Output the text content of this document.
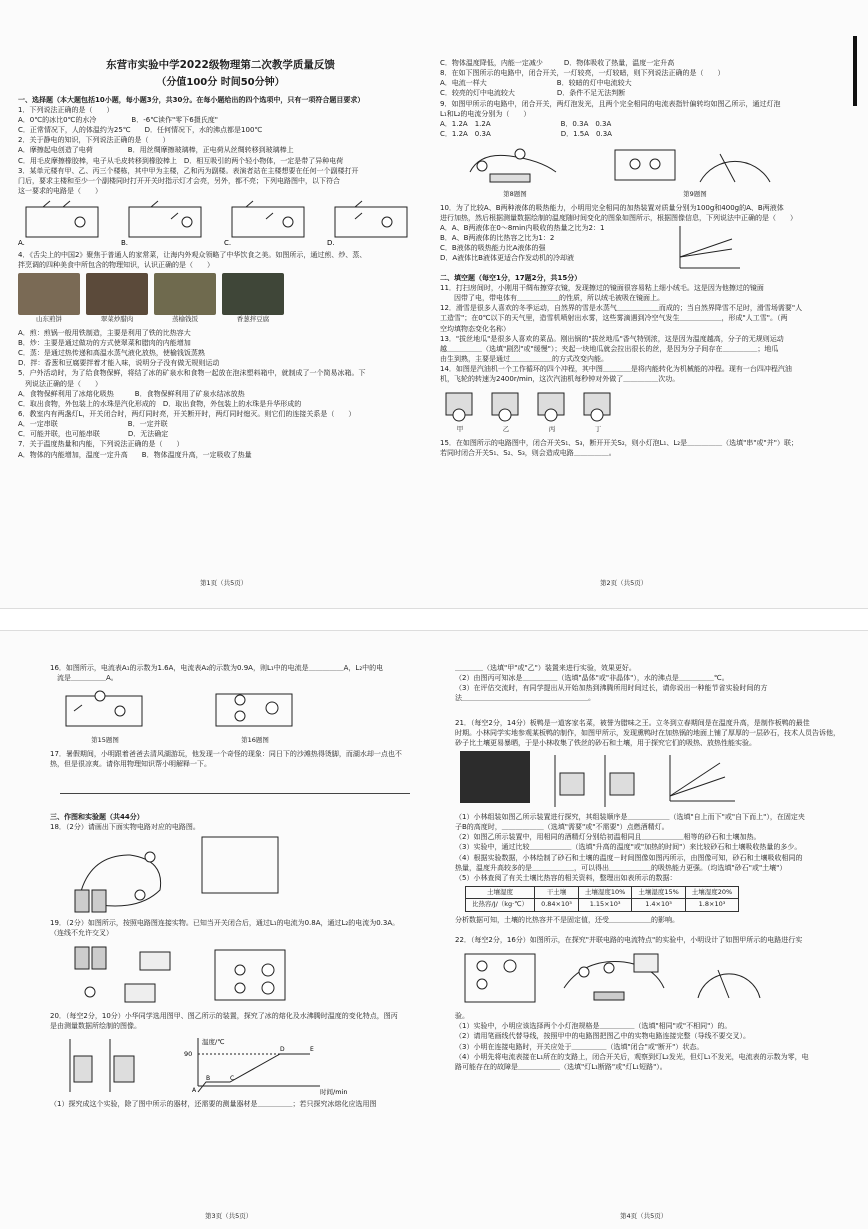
东营市实验中学2022级物理第二次教学质量反馈

（分值100分 时间50分钟）

一、选择题（本大题包括10小题，每小题3分，共30分。在每小题给出的四个选项中，只有一项符合题目要求）

1．下列说法正确的是（　　）

A．0℃的冰比0℃的水冷　　　　　B．-6℃读作"零下6摄氏度"

C．正常情况下，人的体温约为25℃　　D．任何情况下，水的沸点都是100℃

2．关于静电的知识，下列说法正确的是（　　）

A．摩擦起电创造了电荷　　　　　B．用丝绸摩擦玻璃棒，正电荷从丝绸转移到玻璃棒上

C．用毛皮摩擦橡胶棒，电子从毛皮转移到橡胶棒上　D．相互吸引的两个轻小物体，一定是带了异种电荷

3．某单元楼有甲、乙、丙三个楼栋，其中甲为主楼，乙和丙为副楼。表演者站在主楼想要在任何一个副楼打开

门后，要求主楼和至少一个副楼同时打开开关时指示灯才会亮，另外，都不亮；下列电路图中，以下符合

这一要求的电路是（　　）

A.	B.	C.	D.

4．《舌尖上的中国2》聚焦于普通人的家常菜，让海内外观众领略了中华饮食之美。如图所示，通过煎、炒、蒸、

拌烹调的四种美食中所包含的物理知识，认识正确的是（　　）

山东煎饼	翠菜炒腊肉	蒸榆钱饭	香葱拌豆腐

A．煎：煎锅一般用铁制造，主要是利用了铁的比热容大

B．炒：主要是通过做功的方式使翠菜和腊肉的内能增加

C．蒸：是通过热传递和高温水蒸气液化放热，使榆钱饭蒸熟

D．拌：香葱和豆腐要拌着才能入味，说明分子没有做无规则运动

5．户外活动时，为了给食物保鲜，将结了冰的矿泉水和食物一起放在泡沫塑料箱中，就制成了一个简易冰箱。下

　列说法正确的是（　　）

A．食物保鲜利用了冰熔化吸热　　　B．食物保鲜利用了矿泉水结冰放热

C．取出食物，外包装上的水珠是汽化形成的　D．取出食物，外包装上的水珠是升华形成的

6．教室内有两盏灯L，开关闭合时，两灯同时亮，开关断开时，两灯同时熄灭。则它们的连接关系是（　　）

A．一定串联　　　　　　　　　　B．一定并联

C．可能并联，也可能串联　　　　D．无法确定

7．关于温度热量和内能，下列说法正确的是（　　）

A．物体的内能增加，温度一定升高　　B．物体温度升高，一定吸收了热量

第1页（共5页）

C．物体温度降低，内能一定减少　　　D．物体吸收了热量，温度一定升高

8．在如下图所示的电路中，闭合开关，一灯较亮，一灯较暗，则下列说法正确的是（　　）

A．电流一样大　　　　　　　　　　B．较暗的灯中电流较大

C．较亮的灯中电流较大　　　　　　D．条件不足无法判断

9．如图甲所示的电路中，闭合开关，两灯泡发光，且两个完全相同的电流表指针偏转均如图乙所示，通过灯泡

L₁和L₂的电流分别为（　　）

A．1.2A　1.2A　　　　　　　　　　B．0.3A　0.3A

C．1.2A　0.3A　　　　　　　　　　D．1.5A　0.3A

第8题图	第9题图

10．为了比较A、B两种液体的吸热能力，小明用完全相同的加热装置对质量分别为100g和400g的A、B两液体

进行加热，然后根据测量数据绘制的温度随时间变化的图象如图所示，根据图像信息，下列说法中正确的是（　　）

A．A、B两液体在0～8min内吸收的热量之比为2：1

B．A、B两液体的比热容之比为1：2

C．B液体的吸热能力比A液体的强

D．A液体比B液体更适合作发动机的冷却液

二、填空题（每空1分，17题2分，共15分）

11．打扫房间时，小刚用干绸布擦穿衣镜，发现擦过的镜面很容易粘上细小绒毛。这是因为他擦过的镜面

　　因带了电，带电体有＿＿＿＿＿＿的性质，所以绒毛被吸在镜面上。

12．滑雪是很多人喜欢的冬季运动，自然界的雪是水蒸气＿＿＿＿＿＿而成的；当自然界降雪不足时，滑雪场需要"人

工造雪"；在0℃以下的天气里，造雪机喷射出水雾，这些雾滴遇到冷空气发生＿＿＿＿＿＿，形成"人工雪"。（两

空均填物态变化名称）

13．"拔丝地瓜"是很多人喜欢的菜品。刚出锅的"拔丝地瓜"香气特别浓，这是因为温度越高，分子的无规则运动

越＿＿＿＿＿（选填"剧烈"或"缓慢"）；夹起一块地瓜就会拉出很长的丝，是因为分子间存在＿＿＿＿＿；地瓜

由生到熟，主要是通过＿＿＿＿＿＿的方式改变内能。

14．如图是汽油机一个工作循环的四个冲程，其中图＿＿＿＿是将内能转化为机械能的冲程。现有一台四冲程汽油

机，飞轮的转速为2400r/min，这次汽油机每秒钟对外做了＿＿＿＿＿次功。

甲	乙	丙	丁

15．在如图所示的电路图中，闭合开关S₁、S₃，断开开关S₂，则小灯泡L₁、L₂是＿＿＿＿＿（选填"串"或"并"）联；

若同时闭合开关S₁、S₂、S₃，则会造成电路＿＿＿＿＿。

第2页（共5页）

16．如图所示，电流表A₁的示数为1.6A，电流表A₂的示数为0.9A，则L₁中的电流是＿＿＿＿＿A，L₂中的电

　流是＿＿＿＿＿A。

第15题图	第16题图

17．暑假期间，小明跟着爸爸去清风湖游玩，他发现一个奇怪的现象：同日下的沙滩热得烫脚，而湖水却一点也不

热，但是很凉爽。请你用物理知识帮小明解释一下。

三、作图和实验题（共44分）

18．（2分）请画出下面实物电路对应的电路图。

19．（2分）如图所示，按照电路图连接实物。已知当开关闭合后，通过L₁的电流为0.8A，通过L₂的电流为0.3A。

（连线不允许交叉）

20．（每空2分，10分）小华同学选用图甲、图乙所示的装置，探究了冰的熔化及水沸腾时温度的变化特点，图丙

是由测量数据所绘制的图像。

温度/℃
时间/min
90
A
B	C
D	E

（1）探究成这个实验，除了图中所示的器材，还需要的测量器材是＿＿＿＿＿；若只探究冰熔化应选用图

第3页（共5页）

＿＿＿＿（选填"甲"或"乙"）装置来进行实验，效果更好。

（2）由图丙可知冰是＿＿＿＿＿（选填"晶体"或"非晶体"），水的沸点是＿＿＿＿＿℃。

（3）在评估交流时，有同学提出从开始加热到沸腾所用时间过长，请你说出一种能节省实验时间的方

法＿＿＿＿＿＿＿＿＿＿＿＿＿＿＿＿＿＿。

21．（每空2分，14分）板鸭是一道客家名菜，被誉为腊味之王。立冬到立春期间是在温度升高，是制作板鸭的最佳

时期。小林同学实地参观某板鸭的制作，如图甲所示，发现熏鸭时在加热锅的地面上铺了厚厚的一层砂石，技术人员告诉他，

砂子比土壤更易暴晒，于是小林收集了铁丝的砂石和土壤，用于探究它们的吸热、放热性能实验。

（1）小林组装如图乙所示装置进行探究，其组装顺序是＿＿＿＿＿＿（选填"自上而下"或"自下而上"），在固定夹

子B的高度时，＿＿＿＿＿＿（选填"需要"或"不需要"）点燃酒精灯。

（2）如图乙所示装置中，用相同的酒精灯分别给初温相同且＿＿＿＿＿＿相等的砂石和土壤加热。

（3）实验中，通过比较＿＿＿＿＿＿（选填"升高的温度"或"加热的时间"）来比较砂石和土壤吸收热量的多少。

（4）根据实验数据，小林绘制了砂石和土壤的温度－时间图像如图丙所示，由图像可知，砂石和土壤吸收相同的

热量，温度升高较多的是＿＿＿＿＿＿，可以得出＿＿＿＿＿＿的吸热能力更强。（均选填"砂石"或"土壤"）

（5）小林查阅了有关土壤比热容的相关资料，整理出如表所示的数据：

土壤湿度	干土壤	土壤湿度10%	土壤湿度15%	土壤湿度20%
比热容/J/（kg·℃）	0.84×10³	1.15×10³	1.4×10³	1.8×10³

分析数据可知，土壤的比热容并不是固定值，还受＿＿＿＿＿＿的影响。

22．（每空2分，16分）如图所示，在探究"并联电路的电流特点"的实验中，小明设计了如图甲所示的电路进行实

验。

（1）实验中，小明应该选择两个小灯泡规格是＿＿＿＿＿（选填"相同"或"不相同"）的。

（2）请用笔画线代替导线，按照甲中的电路图把图乙中的实物电路连接完整（导线不要交叉）。

（3）小明在连接电路时，开关应处于＿＿＿＿＿（选填"闭合"或"断开"）状态。

（4）小明先将电流表接在L₁所在的支路上，闭合开关后，观察到灯L₂发光，但灯L₁不发光，电流表的示数为零，电

路可能存在的故障是＿＿＿＿＿＿（选填"灯L₁断路"或"灯L₁短路"）。

第4页（共5页）
